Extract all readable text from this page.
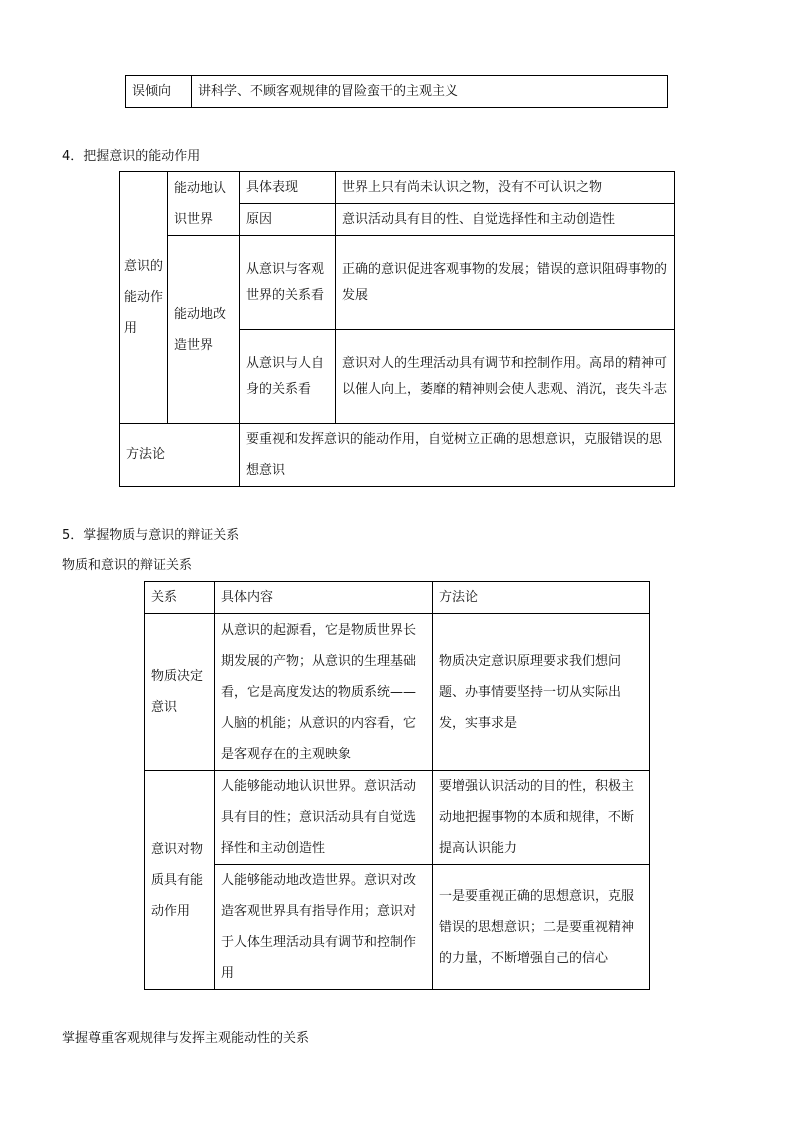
误倾向	讲科学、不顾客观规律的冒险蛮干的主观主义
4．把握意识的能动作用
意识的能动作用	能动地认识世界	具体表现	世界上只有尚未认识之物，没有不可认识之物
		原因	意识活动具有目的性、自觉选择性和主动创造性
	能动地改造世界	从意识与客观世界的关系看	正确的意识促进客观事物的发展；错误的意识阻碍事物的发展
		从意识与人自身的关系看	意识对人的生理活动具有调节和控制作用。高昂的精神可以催人向上，萎靡的精神则会使人悲观、消沉，丧失斗志
方法论		要重视和发挥意识的能动作用，自觉树立正确的思想意识，克服错误的思想意识	
5．掌握物质与意识的辩证关系
物质和意识的辩证关系
关系	具体内容	方法论
物质决定意识	从意识的起源看，它是物质世界长期发展的产物；从意识的生理基础看，它是高度发达的物质系统——人脑的机能；从意识的内容看，它是客观存在的主观映象	物质决定意识原理要求我们想问题、办事情要坚持一切从实际出发，实事求是
意识对物质具有能动作用	人能够能动地认识世界。意识活动具有目的性；意识活动具有自觉选择性和主动创造性	要增强认识活动的目的性，积极主动地把握事物的本质和规律，不断提高认识能力
	人能够能动地改造世界。意识对改造客观世界具有指导作用；意识对于人体生理活动具有调节和控制作用	一是要重视正确的思想意识，克服错误的思想意识；二是要重视精神的力量，不断增强自己的信心
掌握尊重客观规律与发挥主观能动性的关系
